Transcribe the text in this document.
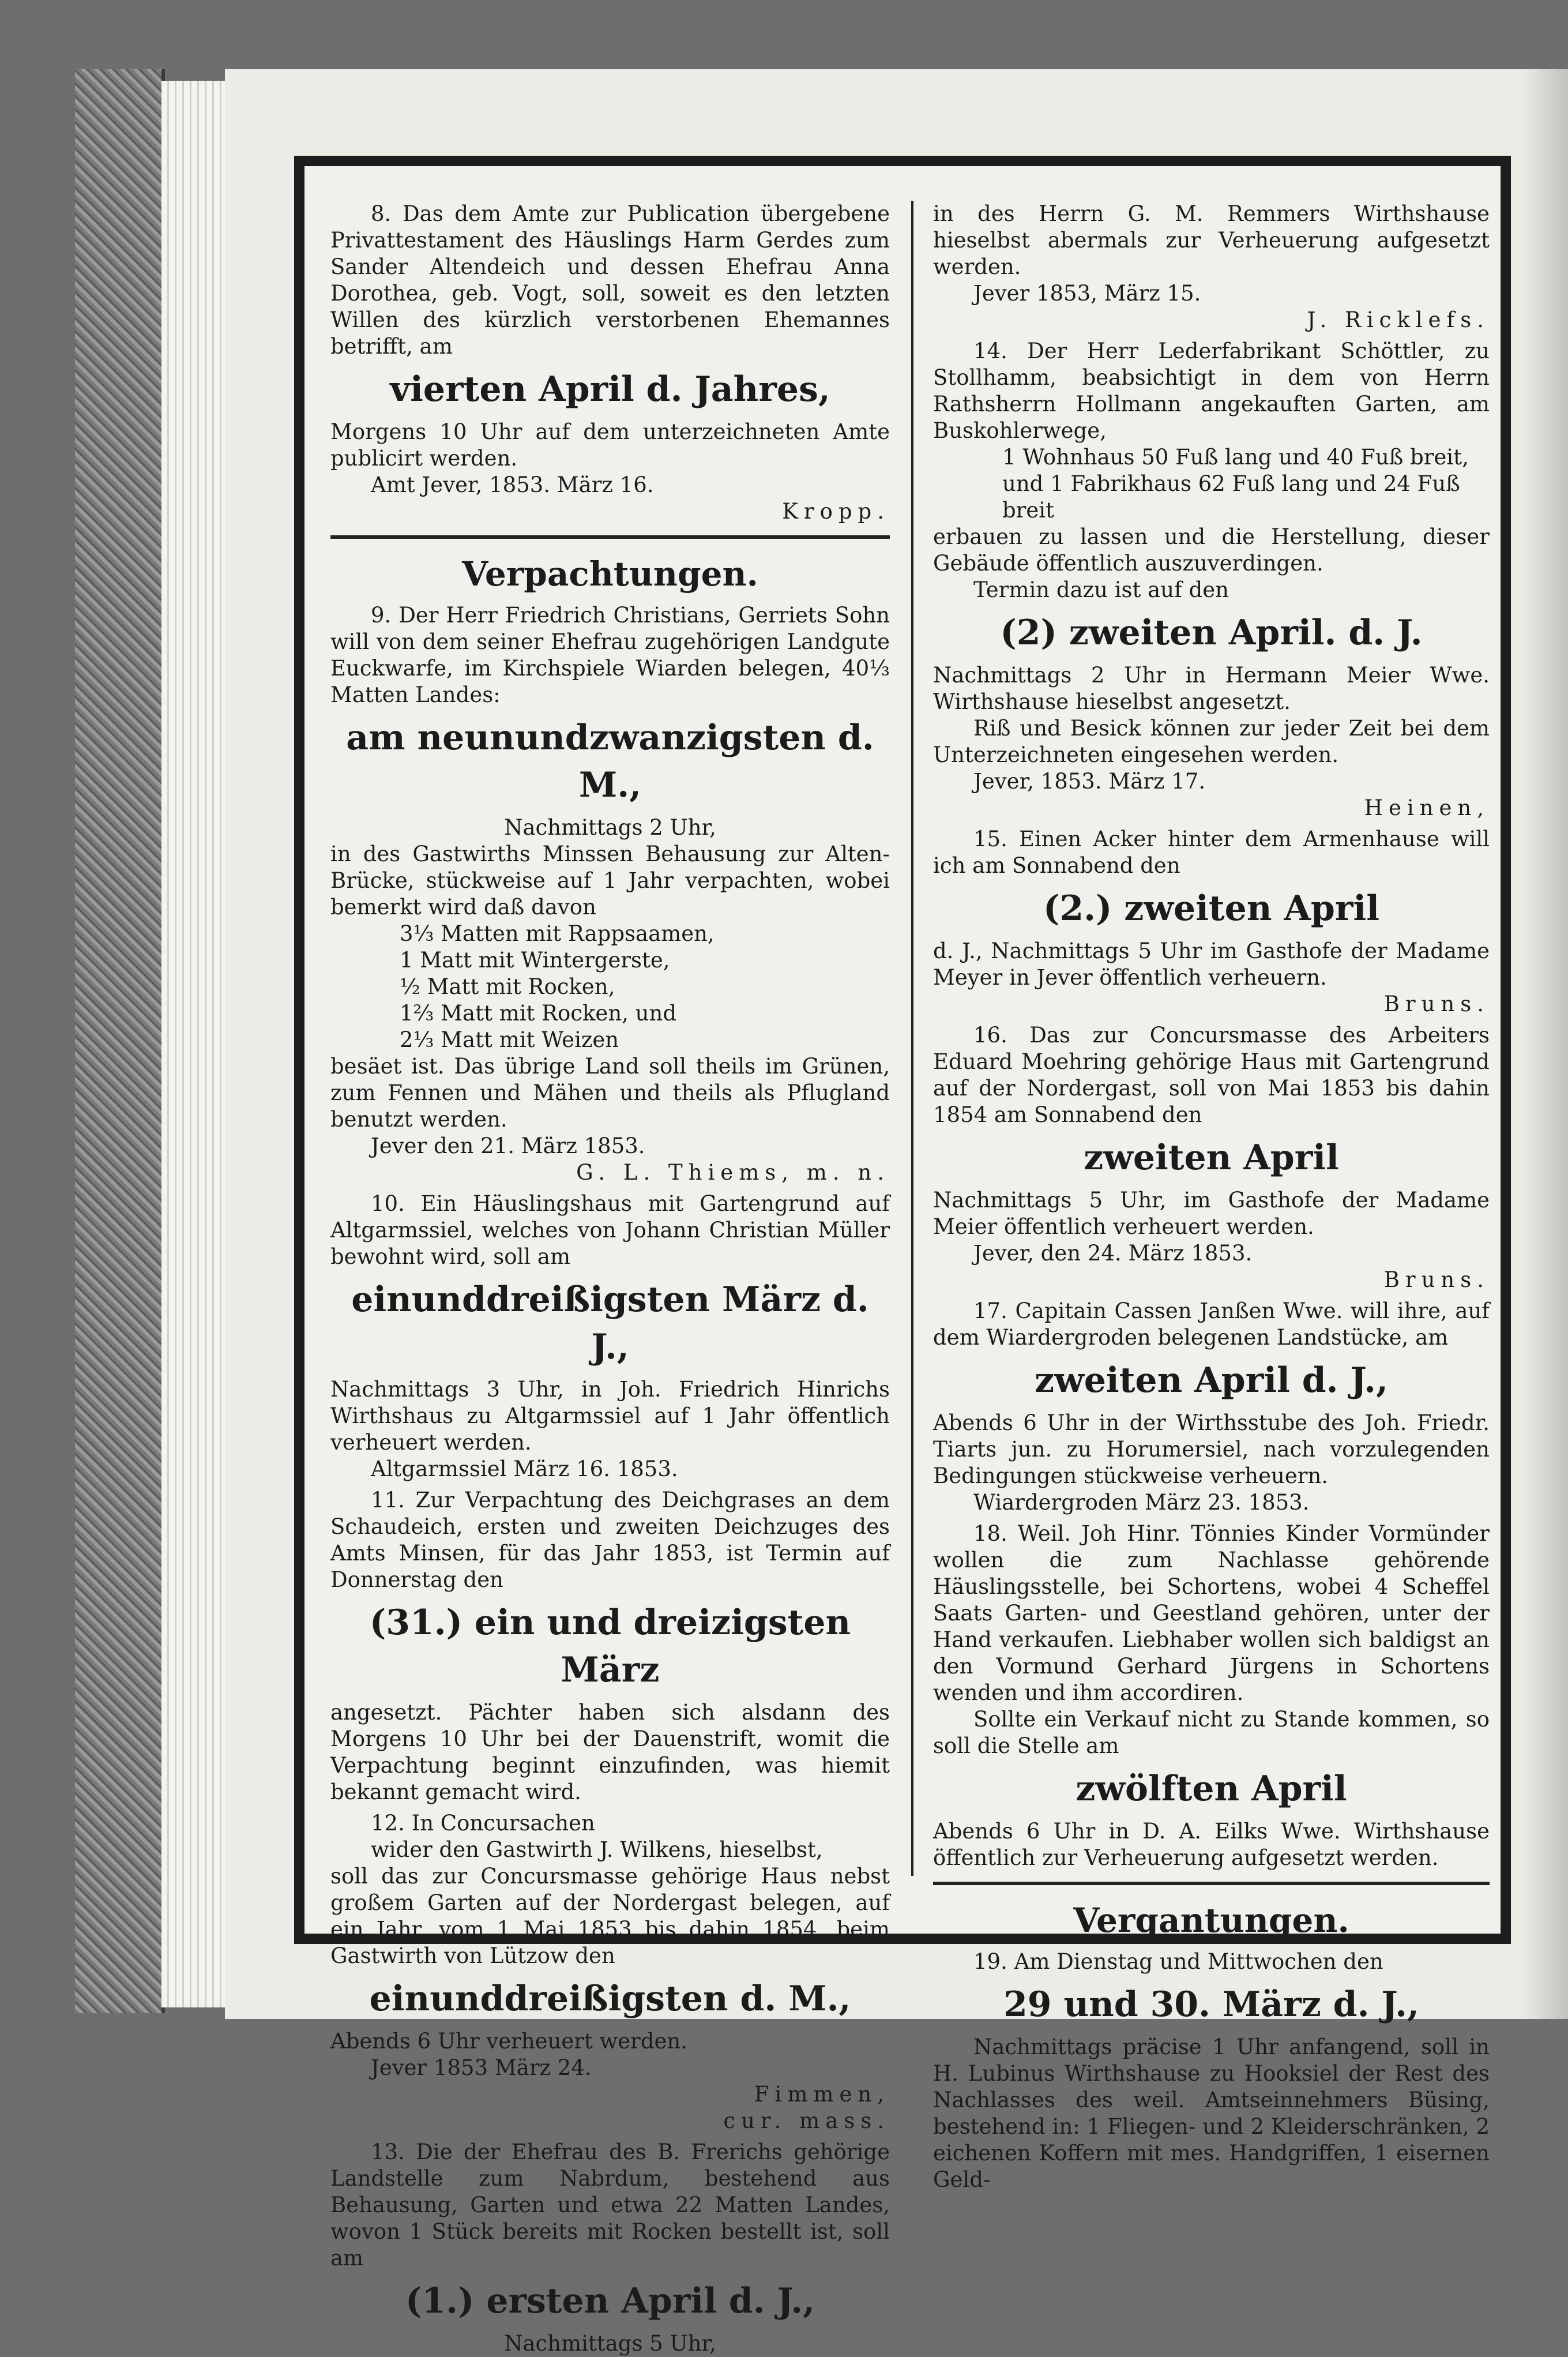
8. Das dem Amte zur Publication übergebene Privattestament des Häuslings Harm Gerdes zum Sander Altendeich und dessen Ehefrau Anna Dorothea, geb. Vogt, soll, soweit es den letzten Willen des kürzlich verstorbenen Ehemannes betrifft, am

vierten April d. Jahres,

Morgens 10 Uhr auf dem unterzeichneten Amte publicirt werden.

Amt Jever, 1853. März 16.
Kropp.
Verpachtungen.

9. Der Herr Friedrich Christians, Gerriets Sohn will von dem seiner Ehefrau zugehörigen Landgute Euckwarfe, im Kirchspiele Wiarden belegen, 40⅓ Matten Landes:

am neunundzwanzigsten d. M.,
Nachmittags 2 Uhr,

in des Gastwirths Minssen Behausung zur Alten-Brücke, stückweise auf 1 Jahr verpachten, wobei bemerkt wird daß davon

3⅓ Matten mit Rappsaamen,
1 Matt mit Wintergerste,
½ Matt mit Rocken,
1⅔ Matt mit Rocken, und
2⅓ Matt mit Weizen

besäet ist. Das übrige Land soll theils im Grünen, zum Fennen und Mähen und theils als Pflugland benutzt werden.

Jever den 21. März 1853.
G. L. Thiems, m. n.

10. Ein Häuslingshaus mit Gartengrund auf Altgarmssiel, welches von Johann Christian Müller bewohnt wird, soll am

einunddreißigsten März d. J.,

Nachmittags 3 Uhr, in Joh. Friedrich Hinrichs Wirthshaus zu Altgarmssiel auf 1 Jahr öffentlich verheuert werden.

Altgarmssiel März 16. 1853.

11. Zur Verpachtung des Deichgrases an dem Schaudeich, ersten und zweiten Deichzuges des Amts Minsen, für das Jahr 1853, ist Termin auf Donnerstag den

(31.) ein und dreizigsten März

angesetzt. Pächter haben sich alsdann des Morgens 10 Uhr bei der Dauenstrift, womit die Verpachtung beginnt einzufinden, was hiemit bekannt gemacht wird.

12. In Concursachen
wider den Gastwirth J. Wilkens, hieselbst,

soll das zur Concursmasse gehörige Haus nebst großem Garten auf der Nordergast belegen, auf ein Jahr, vom 1 Mai 1853 bis dahin 1854, beim Gastwirth von Lützow den

einunddreißigsten d. M.,

Abends 6 Uhr verheuert werden.

Jever 1853 März 24.
Fimmen,
cur. mass.

13. Die der Ehefrau des B. Frerichs gehörige Landstelle zum Nabrdum, bestehend aus Behausung, Garten und etwa 22 Matten Landes, wovon 1 Stück bereits mit Rocken bestellt ist, soll am

(1.) ersten April d. J.,
Nachmittags 5 Uhr,

in des Herrn G. M. Remmers Wirthshause hieselbst abermals zur Verheuerung aufgesetzt werden.

Jever 1853, März 15.
J. Ricklefs.

14. Der Herr Lederfabrikant Schöttler, zu Stollhamm, beabsichtigt in dem von Herrn Rathsherrn Hollmann angekauften Garten, am Buskohlerwege,

1 Wohnhaus 50 Fuß lang und 40 Fuß breit,
und 1 Fabrikhaus 62 Fuß lang und 24 Fuß breit

erbauen zu lassen und die Herstellung, dieser Gebäude öffentlich auszuverdingen.

Termin dazu ist auf den
(2) zweiten April. d. J.

Nachmittags 2 Uhr in Hermann Meier Wwe. Wirthshause hieselbst angesetzt.

Riß und Besick können zur jeder Zeit bei dem Unterzeichneten eingesehen werden.

Jever, 1853. März 17.
Heinen,

15. Einen Acker hinter dem Armenhause will ich am Sonnabend den

(2.) zweiten April

d. J., Nachmittags 5 Uhr im Gasthofe der Madame Meyer in Jever öffentlich verheuern.

Bruns.

16. Das zur Concursmasse des Arbeiters Eduard Moehring gehörige Haus mit Gartengrund auf der Nordergast, soll von Mai 1853 bis dahin 1854 am Sonnabend den

zweiten April

Nachmittags 5 Uhr, im Gasthofe der Madame Meier öffentlich verheuert werden.

Jever, den 24. März 1853.
Bruns.

17. Capitain Cassen Janßen Wwe. will ihre, auf dem Wiardergroden belegenen Landstücke, am

zweiten April d. J.,

Abends 6 Uhr in der Wirthsstube des Joh. Friedr. Tiarts jun. zu Horumersiel, nach vorzulegenden Bedingungen stückweise verheuern.

Wiardergroden März 23. 1853.

18. Weil. Joh Hinr. Tönnies Kinder Vormünder wollen die zum Nachlasse gehörende Häuslingsstelle, bei Schortens, wobei 4 Scheffel Saats Garten- und Geestland gehören, unter der Hand verkaufen. Liebhaber wollen sich baldigst an den Vormund Gerhard Jürgens in Schortens wenden und ihm accordiren.

Sollte ein Verkauf nicht zu Stande kommen, so soll die Stelle am

zwölften April

Abends 6 Uhr in D. A. Eilks Wwe. Wirthshause öffentlich zur Verheuerung aufgesetzt werden.

Vergantungen.

19. Am Dienstag und Mittwochen den

29 und 30. März d. J.,

Nachmittags präcise 1 Uhr anfangend, soll in H. Lubinus Wirthshause zu Hooksiel der Rest des Nachlasses des weil. Amtseinnehmers Büsing, bestehend in: 1 Fliegen- und 2 Kleiderschränken, 2 eichenen Koffern mit mes. Handgriffen, 1 eisernen Geld-
